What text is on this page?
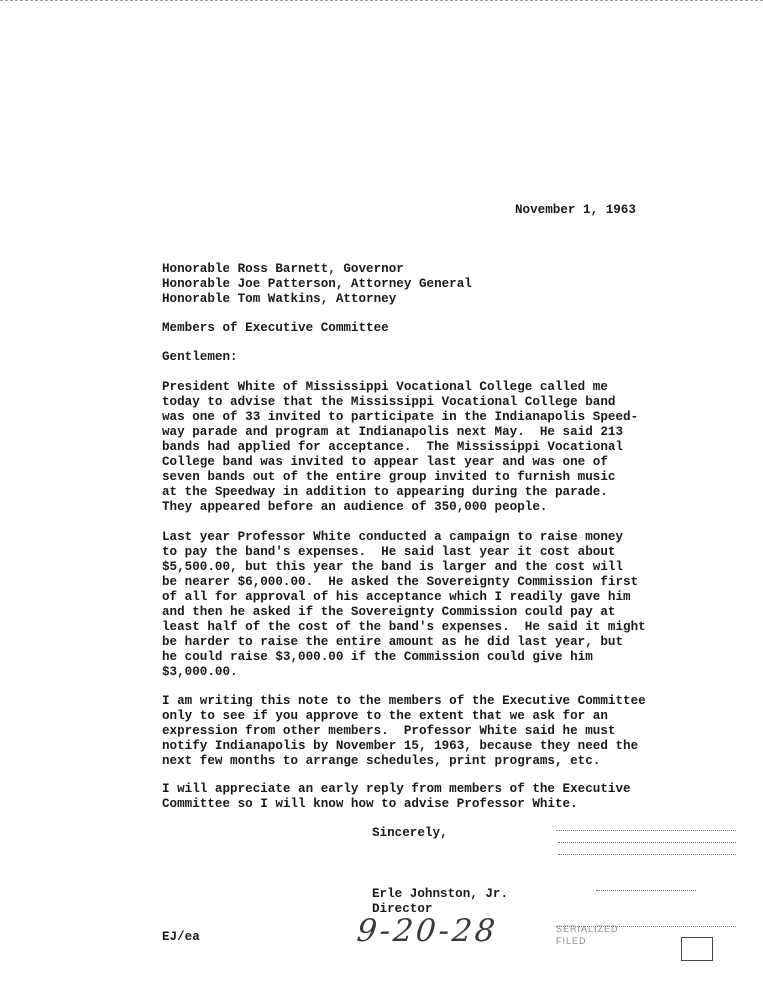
November 1, 1963
Honorable Ross Barnett, Governor
Honorable Joe Patterson, Attorney General
Honorable Tom Watkins, Attorney
Members of Executive Committee
Gentlemen:
President White of Mississippi Vocational College called me
today to advise that the Mississippi Vocational College band
was one of 33 invited to participate in the Indianapolis Speed-
way parade and program at Indianapolis next May.  He said 213
bands had applied for acceptance.  The Mississippi Vocational
College band was invited to appear last year and was one of
seven bands out of the entire group invited to furnish music
at the Speedway in addition to appearing during the parade.
They appeared before an audience of 350,000 people.
Last year Professor White conducted a campaign to raise money
to pay the band's expenses.  He said last year it cost about
$5,500.00, but this year the band is larger and the cost will
be nearer $6,000.00.  He asked the Sovereignty Commission first
of all for approval of his acceptance which I readily gave him
and then he asked if the Sovereignty Commission could pay at
least half of the cost of the band's expenses.  He said it might
be harder to raise the entire amount as he did last year, but
he could raise $3,000.00 if the Commission could give him
$3,000.00.
I am writing this note to the members of the Executive Committee
only to see if you approve to the extent that we ask for an
expression from other members.  Professor White said he must
notify Indianapolis by November 15, 1963, because they need the
next few months to arrange schedules, print programs, etc.
I will appreciate an early reply from members of the Executive
Committee so I will know how to advise Professor White.
Sincerely,
Erle Johnston, Jr.
Director
EJ/ea	9-20-28	SERIALIZED
FILED
